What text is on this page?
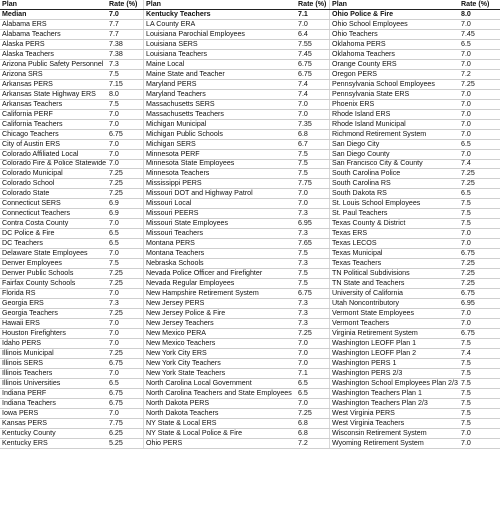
Plan	Rate (%)	Plan	Rate (%) Plan	Rate (%)
Median	7.0	Kentucky Teachers	7.1	Ohio Police & Fire	8.0
Alabama ERS	7.7	LA County ERA	7.0	Ohio School Employees	7.0
Alabama Teachers	7.7	Louisiana Parochial Employees	6.4	Ohio Teachers	7.45
Alaska PERS	7.38	Louisiana SERS	7.55	Oklahoma PERS	6.5
Alaska Teachers	7.38	Louisiana Teachers	7.45	Oklahoma Teachers	7.0
Arizona Public Safety Personnel 7.3	Maine Local	6.75	Orange County ERS	7.0
Arizona SRS	7.5	Maine State and Teacher	6.75	Oregon PERS	7.2
Arkansas PERS	7.15	Maryland PERS	7.4	Pennsylvania School Employees	7.25
Arkansas State Highway ERS	8.0	Maryland Teachers	7.4	Pennsylvania State ERS	7.0
Arkansas Teachers	7.5	Massachusetts SERS	7.0	Phoenix ERS	7.0
California PERF	7.0	Massachusetts Teachers	7.0	Rhode Island ERS	7.0
California Teachers	7.0	Michigan Municipal	7.35	Rhode Island Municipal	7.0
Chicago Teachers	6.75	Michigan Public Schools	6.8	Richmond Retirement System	7.0
City of Austin ERS	7.0	Michigan SERS	6.7	San Diego City	6.5
Colorado Affiliated Local	7.0	Minnesota PERF	7.5	San Diego County	7.0
Colorado Fire & Police Statewide 7.0	Minnesota State Employees	7.5	San Francisco City & County	7.4
Colorado Municipal	7.25	Minnesota Teachers	7.5	South Carolina Police	7.25
Colorado School	7.25	Mississippi PERS	7.75	South Carolina RS	7.25
Colorado State	7.25	Missouri DOT and Highway Patrol	7.0	South Dakota RS	6.5
Connecticut SERS	6.9	Missouri Local	7.0	St. Louis School Employees	7.5
Connecticut Teachers	6.9	Missouri PEERS	7.3	St. Paul Teachers	7.5
Contra Costa County	7.0	Missouri State Employees	6.95	Texas County & District	7.5
DC Police & Fire	6.5	Missouri Teachers	7.3	Texas ERS	7.0
DC Teachers	6.5	Montana PERS	7.65	Texas LECOS	7.0
Delaware State Employees	7.0	Montana Teachers	7.5	Texas Municipal	6.75
Denver Employees	7.5	Nebraska Schools	7.3	Texas Teachers	7.25
Denver Public Schools	7.25	Nevada Police Officer and Firefighter	7.5	TN Political Subdivisions	7.25
Fairfax County Schools	7.25	Nevada Regular Employees	7.5	TN State and Teachers	7.25
Florida RS	7.0	New Hampshire Retirement System	6.75	University of California	6.75
Georgia ERS	7.3	New Jersey PERS	7.3	Utah Noncontributory	6.95
Georgia Teachers	7.25	New Jersey Police & Fire	7.3	Vermont State Employees	7.0
Hawaii ERS	7.0	New Jersey Teachers	7.3	Vermont Teachers	7.0
Houston Firefighters	7.0	New Mexico PERA	7.25	Virginia Retirement System	6.75
Idaho PERS	7.0	New Mexico Teachers	7.0	Washington LEOFF Plan 1	7.5
Illinois Municipal	7.25	New York City ERS	7.0	Washington LEOFF Plan 2	7.4
Illinois SERS	6.75	New York City Teachers	7.0	Washington PERS 1	7.5
Illinois Teachers	7.0	New York State Teachers	7.1	Washington PERS 2/3	7.5
Illinois Universities	6.5	North Carolina Local Government	6.5	Washington School Employees Plan 2/3 7.5
Indiana PERF	6.75	North Carolina Teachers and State Employees 6.5	Washington Teachers Plan 1	7.5
Indiana Teachers	6.75	North Dakota PERS	7.0	Washington Teachers Plan 2/3	7.5
Iowa PERS	7.0	North Dakota Teachers	7.25	West Virginia PERS	7.5
Kansas PERS	7.75	NY State & Local ERS	6.8	West Virginia Teachers	7.5
Kentucky County	6.25	NY State & Local Police & Fire	6.8	Wisconsin Retirement System	7.0
Kentucky ERS	5.25	Ohio PERS	7.2	Wyoming Retirement System	7.0
